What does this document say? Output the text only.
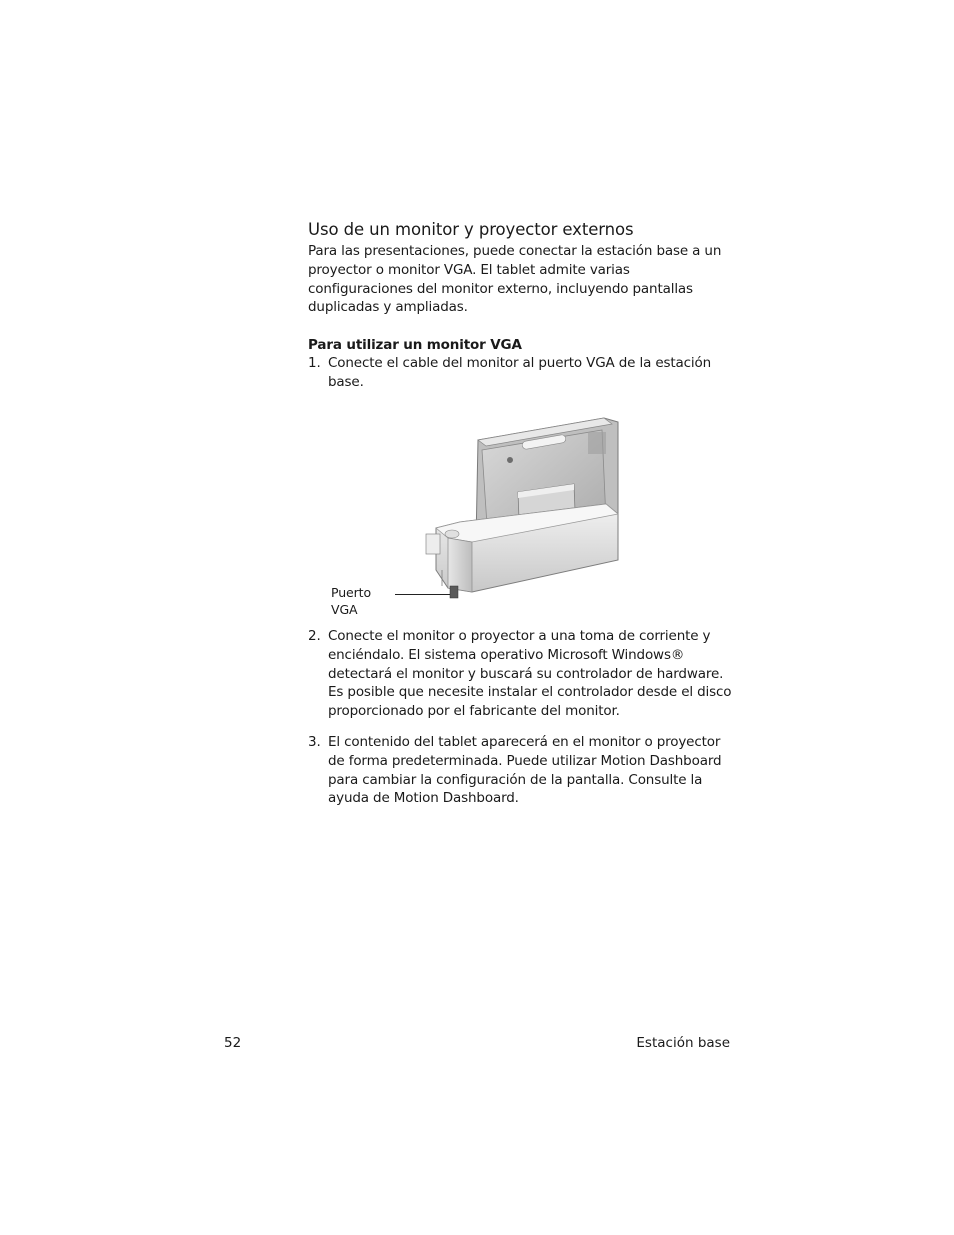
Uso de un monitor y proyector externos
Para las presentaciones, puede conectar la estación base a un proyector o monitor VGA. El tablet admite varias configuraciones del monitor externo, incluyendo pantallas duplicadas y ampliadas.
Para utilizar un monitor VGA
1. Conecte el cable del monitor al puerto VGA de la estación base.
Puerto
VGA
2. Conecte el monitor o proyector a una toma de corriente y enciéndalo. El sistema operativo Microsoft Windows® detectará el monitor y buscará su controlador de hardware. Es posible que necesite instalar el controlador desde el disco proporcionado por el fabricante del monitor.
3. El contenido del tablet aparecerá en el monitor o proyector de forma predeterminada. Puede utilizar Motion Dashboard para cambiar la configuración de la pantalla. Consulte la ayuda de Motion Dashboard.
52	Estación base
